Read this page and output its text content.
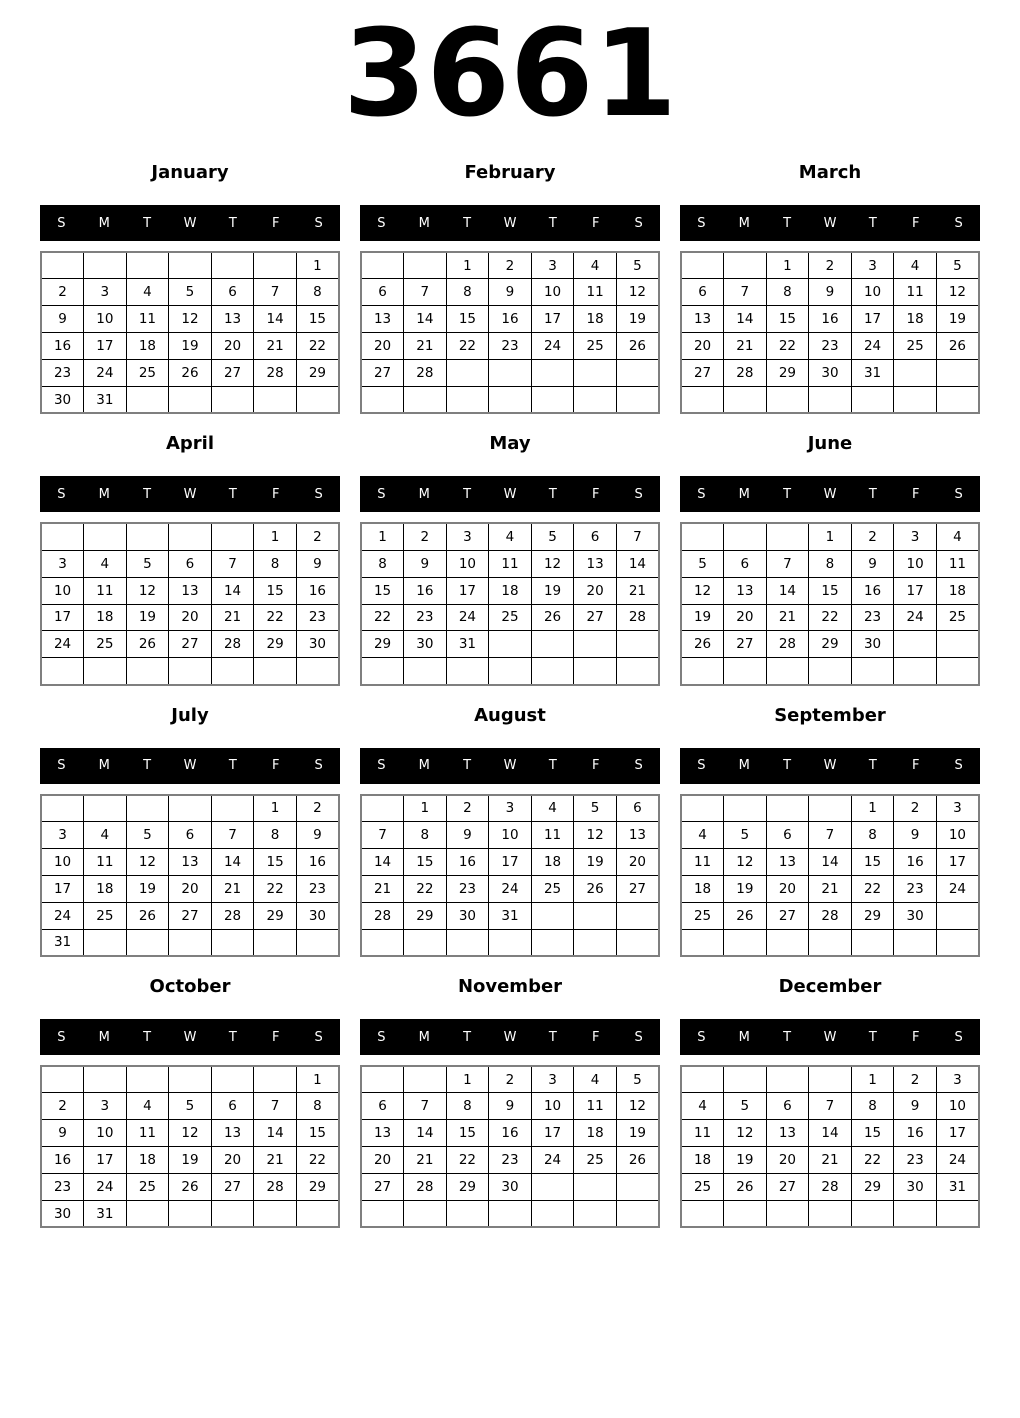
3661
January
S	M	T	W	T	F	S
						1
2	3	4	5	6	7	8
9	10	11	12	13	14	15
16	17	18	19	20	21	22
23	24	25	26	27	28	29
30	31					
February
S	M	T	W	T	F	S
		1	2	3	4	5
6	7	8	9	10	11	12
13	14	15	16	17	18	19
20	21	22	23	24	25	26
27	28					

March
S	M	T	W	T	F	S
		1	2	3	4	5
6	7	8	9	10	11	12
13	14	15	16	17	18	19
20	21	22	23	24	25	26
27	28	29	30	31		

April
S	M	T	W	T	F	S
					1	2
3	4	5	6	7	8	9
10	11	12	13	14	15	16
17	18	19	20	21	22	23
24	25	26	27	28	29	30

May
S	M	T	W	T	F	S
1	2	3	4	5	6	7
8	9	10	11	12	13	14
15	16	17	18	19	20	21
22	23	24	25	26	27	28
29	30	31				

June
S	M	T	W	T	F	S
			1	2	3	4
5	6	7	8	9	10	11
12	13	14	15	16	17	18
19	20	21	22	23	24	25
26	27	28	29	30		

July
S	M	T	W	T	F	S
					1	2
3	4	5	6	7	8	9
10	11	12	13	14	15	16
17	18	19	20	21	22	23
24	25	26	27	28	29	30
31						
August
S	M	T	W	T	F	S
	1	2	3	4	5	6
7	8	9	10	11	12	13
14	15	16	17	18	19	20
21	22	23	24	25	26	27
28	29	30	31			

September
S	M	T	W	T	F	S
				1	2	3
4	5	6	7	8	9	10
11	12	13	14	15	16	17
18	19	20	21	22	23	24
25	26	27	28	29	30	

October
S	M	T	W	T	F	S
						1
2	3	4	5	6	7	8
9	10	11	12	13	14	15
16	17	18	19	20	21	22
23	24	25	26	27	28	29
30	31					
November
S	M	T	W	T	F	S
		1	2	3	4	5
6	7	8	9	10	11	12
13	14	15	16	17	18	19
20	21	22	23	24	25	26
27	28	29	30			

December
S	M	T	W	T	F	S
				1	2	3
4	5	6	7	8	9	10
11	12	13	14	15	16	17
18	19	20	21	22	23	24
25	26	27	28	29	30	31
